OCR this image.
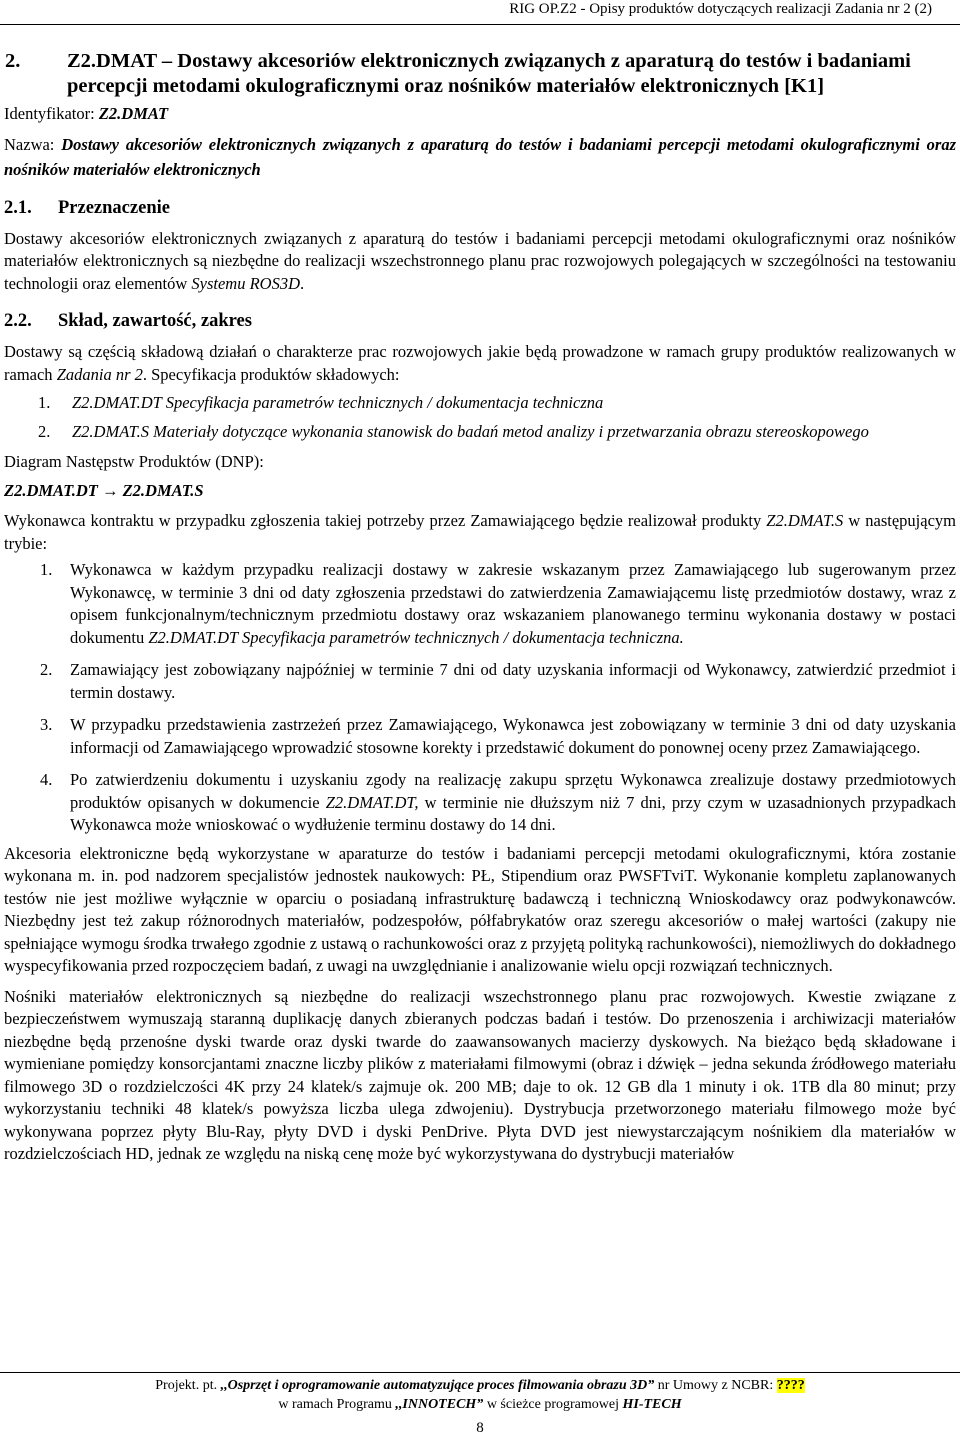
RIG OP.Z2 - Opisy produktów dotyczących realizacji Zadania nr 2 (2)
2.	Z2.DMAT – Dostawy akcesoriów elektronicznych związanych z aparaturą do testów i badaniami percepcji metodami okulograficznymi oraz nośników materiałów elektronicznych [K1]

Identyfikator: Z2.DMAT

Nazwa: Dostawy akcesoriów elektronicznych związanych z aparaturą do testów i badaniami percepcji metodami okulograficznymi oraz nośników materiałów elektronicznych

2.1.	Przeznaczenie

Dostawy akcesoriów elektronicznych związanych z aparaturą do testów i badaniami percepcji metodami okulograficznymi oraz nośników materiałów elektronicznych są niezbędne do realizacji wszechstronnego planu prac rozwojowych polegających w szczególności na testowaniu technologii oraz elementów Systemu ROS3D.

2.2.	Skład, zawartość, zakres

Dostawy są częścią składową działań o charakterze prac rozwojowych jakie będą prowadzone w ramach grupy produktów realizowanych w ramach Zadania nr 2. Specyfikacja produktów składowych:

1.	Z2.DMAT.DT Specyfikacja parametrów technicznych / dokumentacja techniczna
2.	Z2.DMAT.S Materiały dotyczące wykonania stanowisk do badań metod analizy i przetwarzania obrazu stereoskopowego

Diagram Następstw Produktów (DNP):

Z2.DMAT.DT → Z2.DMAT.S

Wykonawca kontraktu w przypadku zgłoszenia takiej potrzeby przez Zamawiającego będzie realizował produkty Z2.DMAT.S w następującym trybie:

1.	Wykonawca w każdym przypadku realizacji dostawy w zakresie wskazanym przez Zamawiającego lub sugerowanym przez Wykonawcę, w terminie 3 dni od daty zgłoszenia przedstawi do zatwierdzenia Zamawiającemu listę przedmiotów dostawy, wraz z opisem funkcjonalnym/technicznym przedmiotu dostawy oraz wskazaniem planowanego terminu wykonania dostawy w postaci dokumentu Z2.DMAT.DT Specyfikacja parametrów technicznych / dokumentacja techniczna.
2.	Zamawiający jest zobowiązany najpóźniej w terminie 7 dni od daty uzyskania informacji od Wykonawcy, zatwierdzić przedmiot i termin dostawy.
3.	W przypadku przedstawienia zastrzeżeń przez Zamawiającego, Wykonawca jest zobowiązany w terminie 3 dni od daty uzyskania informacji od Zamawiającego wprowadzić stosowne korekty i przedstawić dokument do ponownej oceny przez Zamawiającego.
4.	Po zatwierdzeniu dokumentu i uzyskaniu zgody na realizację zakupu sprzętu Wykonawca zrealizuje dostawy przedmiotowych produktów opisanych w dokumencie Z2.DMAT.DT, w terminie nie dłuższym niż 7 dni, przy czym w uzasadnionych przypadkach Wykonawca może wnioskować o wydłużenie terminu dostawy do 14 dni.

Akcesoria elektroniczne będą wykorzystane w aparaturze do testów i badaniami percepcji metodami okulograficznymi, która zostanie wykonana m. in. pod nadzorem specjalistów jednostek naukowych: PŁ, Stipendium oraz PWSFTviT. Wykonanie kompletu zaplanowanych testów nie jest możliwe wyłącznie w oparciu o posiadaną infrastrukturę badawczą i techniczną Wnioskodawcy oraz podwykonawców. Niezbędny jest też zakup różnorodnych materiałów, podzespołów, półfabrykatów oraz szeregu akcesoriów o małej wartości (zakupy nie spełniające wymogu środka trwałego zgodnie z ustawą o rachunkowości oraz z przyjętą polityką rachunkowości), niemożliwych do dokładnego wyspecyfikowania przed rozpoczęciem badań, z uwagi na uwzględnianie i analizowanie wielu opcji rozwiązań technicznych.

Nośniki materiałów elektronicznych są niezbędne do realizacji wszechstronnego planu prac rozwojowych. Kwestie związane z bezpieczeństwem wymuszają staranną duplikację danych zbieranych podczas badań i testów. Do przenoszenia i archiwizacji materiałów niezbędne będą przenośne dyski twarde oraz dyski twarde do zaawansowanych macierzy dyskowych. Na bieżąco będą składowane i wymieniane pomiędzy konsorcjantami znaczne liczby plików z materiałami filmowymi (obraz i dźwięk – jedna sekunda źródłowego materiału filmowego 3D o rozdzielczości 4K przy 24 klatek/s zajmuje ok. 200 MB; daje to ok. 12 GB dla 1 minuty i ok. 1TB dla 80 minut; przy wykorzystaniu techniki 48 klatek/s powyższa liczba ulega zdwojeniu). Dystrybucja przetworzonego materiału filmowego może być wykonywana poprzez płyty Blu-Ray, płyty DVD i dyski PenDrive. Płyta DVD jest niewystarczającym nośnikiem dla materiałów w rozdzielczościach HD, jednak ze względu na niską cenę może być wykorzystywana do dystrybucji materiałów

Projekt. pt. ,,Osprzęt i oprogramowanie automatyzujące proces filmowania obrazu 3D” nr Umowy z NCBR: ????
w ramach Programu ,,INNOTECH” w ścieżce programowej HI-TECH
8
